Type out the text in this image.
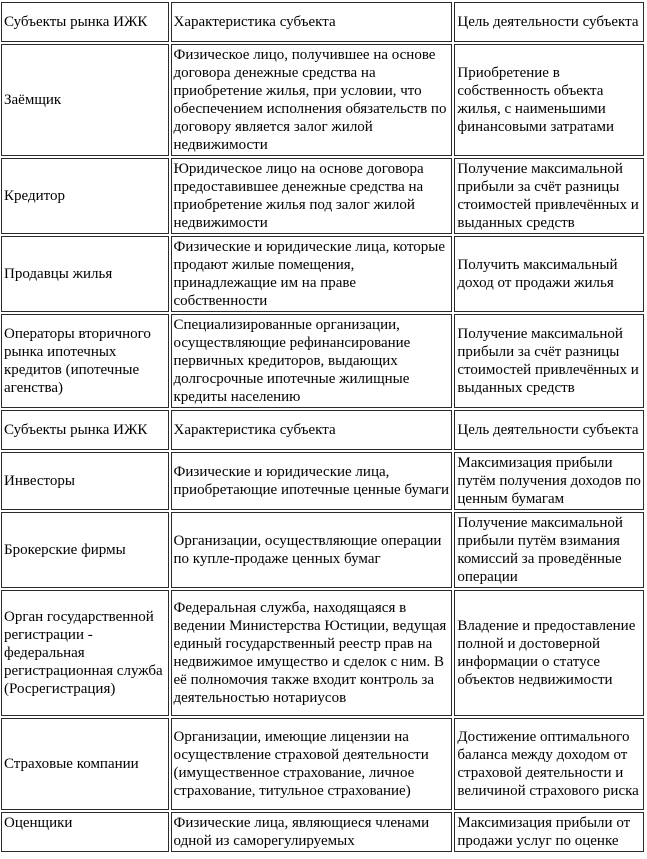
Субъекты рынка ИЖК	Характеристика субъекта	Цель деятельности субъекта
Заёмщик	Физическое лицо, получившее на основе договора денежные средства на приобретение жилья, при условии, что обеспечением исполнения обязательств по договору является залог жилой недвижимости	Приобретение в собственность объекта жилья, с наименьшими финансовыми затратами
Кредитор	Юридическое лицо на основе договора предоставившее денежные средства на приобретение жилья под залог жилой недвижимости	Получение максимальной прибыли за счёт разницы стоимостей привлечённых и выданных средств
Продавцы жилья	Физические и юридические лица, которые продают жилые помещения, принадлежащие им на праве собственности	Получить максимальный доход от продажи жилья
Операторы вторичного рынка ипотечных кредитов (ипотечные агенства)	Специализированные организации, осуществляющие рефинансирование первичных кредиторов, выдающих долгосрочные ипотечные жилищные кредиты населению	Получение максимальной прибыли за счёт разницы стоимостей привлечённых и выданных средств
Субъекты рынка ИЖК	Характеристика субъекта	Цель деятельности субъекта
Инвесторы	Физические и юридические лица, приобретающие ипотечные ценные бумаги	Максимизация прибыли путём получения доходов по ценным бумагам
Брокерские фирмы	Организации, осуществляющие операции по купле-продаже ценных бумаг	Получение максимальной прибыли путём взимания комиссий за проведённые операции
Орган государственной регистрации - федеральная регистрационная служба (Росрегистрация)	Федеральная служба, находящаяся в ведении Министерства Юстиции, ведущая единый государственный реестр прав на недвижимое имущество и сделок с ним. В её полномочия также входит контроль за деятельностью нотариусов	Владение и предоставление полной и достоверной информации о статусе объектов недвижимости
Страховые компании	Организации, имеющие лицензии на осуществление страховой деятельности (имущественное страхование, личное страхование, титульное страхование)	Достижение оптимального баланса между доходом от страховой деятельности и величиной страхового риска
Оценщики	Физические лица, являющиеся членами одной из саморегулируемых	Максимизация прибыли от продажи услуг по оценке
